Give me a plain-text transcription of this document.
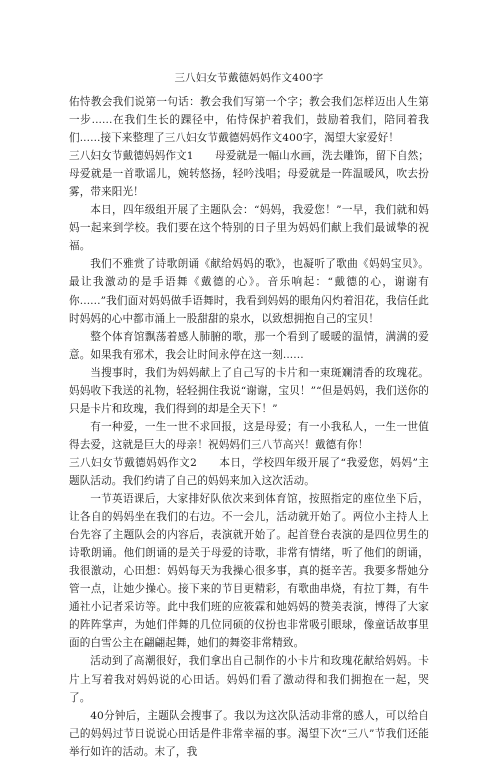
三八妇女节戴德妈妈作文400字

佑恃教会我们说第一句话：教会我们写第一个字；教会我们怎样迈出人生第一步......在我们生长的踝径中，佑恃保护着我们，鼓励着我们，陪同着我们......接下来整理了三八妇女节戴德妈妈作文400字，渴望大家爱好！

三八妇女节戴德妈妈作文1　　母爱就是一幅山水画，洗去雕饰，留下自然；母爱就是一首歌谣儿，婉转悠扬，轻吟浅唱；母爱就是一阵温暖风，吹去扮雾，带来阳光！

本日，四年级组开展了主题队会：“妈妈，我爱您！”一早，我们就和妈妈一起来到学校。我们要在这个特别的日子里为妈妈们献上我们最诚挚的祝福。

我们不雅赏了诗歌朗诵《献给妈妈的歌》，也凝听了歌曲《妈妈宝贝》。最让我激动的是手语舞《戴德的心》。音乐响起：“戴德的心，谢谢有你......”我们面对妈妈做手语舞时，我看到妈妈的眼角闪灼着泪花，我信任此时妈妈的心中都市涌上一股甜甜的泉水，以致想拥抱自己的宝贝！

整个体育馆飘荡着感人肺腑的歌，那一个看到了暖暖的温情，满满的爱意。如果我有邪术，我会让时间永停在这一刻......

当搜事时，我们为妈妈献上了自己写的卡片和一束斑斓清香的玫瑰花。妈妈收下我送的礼物，轻轻拥住我说“谢谢，宝贝！”“但是妈妈，我们送你的只是卡片和玫瑰，我们得到的却是全天下！”

有一种爱，一生一世不求回报，这是母爱；有一小我私人，一生一世值得去爱，这就是巨大的母亲！祝妈妈们三八节高兴！戴德有你！

三八妇女节戴德妈妈作文2　　本日，学校四年级开展了“我爱您，妈妈”主题队活动。我们约请了自己的妈妈来加入这次活动。

一节英语课后，大家排好队依次来到体育馆，按照指定的座位坐下后，让各自的妈妈坐在我们的右边。不一会儿，活动就开始了。两位小主持人上台先容了主题队会的内容后，表演就开始了。起首登台表演的是四位男生的诗歌朗诵。他们朗诵的是关于母爱的诗歌，非常有情绪，听了他们的朗诵，我很激动，心田想：妈妈每天为我操心很多事，真的挺辛苦。我要多帮她分管一点，让她少操心。接下来的节目更精彩，有歌曲串烧，有拉丁舞，有牛通社小记者采访等。此中我们班的应筱霖和她妈妈的赞美表演，博得了大家的阵阵掌声，为她们伴舞的几位同硕的仪扮也非常吸引眼球，像童话故事里面的白雪公主在翩翩起舞，她们的舞姿非常精致。

活动到了高潮很好，我们拿出自己制作的小卡片和玫瑰花献给妈妈。卡片上写着我对妈妈说的心田话。妈妈们看了激动得和我们拥抱在一起，哭了。

40分钟后，主题队会搜事了。我以为这次队活动非常的感人，可以给自己的妈妈过节日说说心田话是件非常幸福的事。渴望下次“三八”节我们还能举行如许的活动。末了，我
